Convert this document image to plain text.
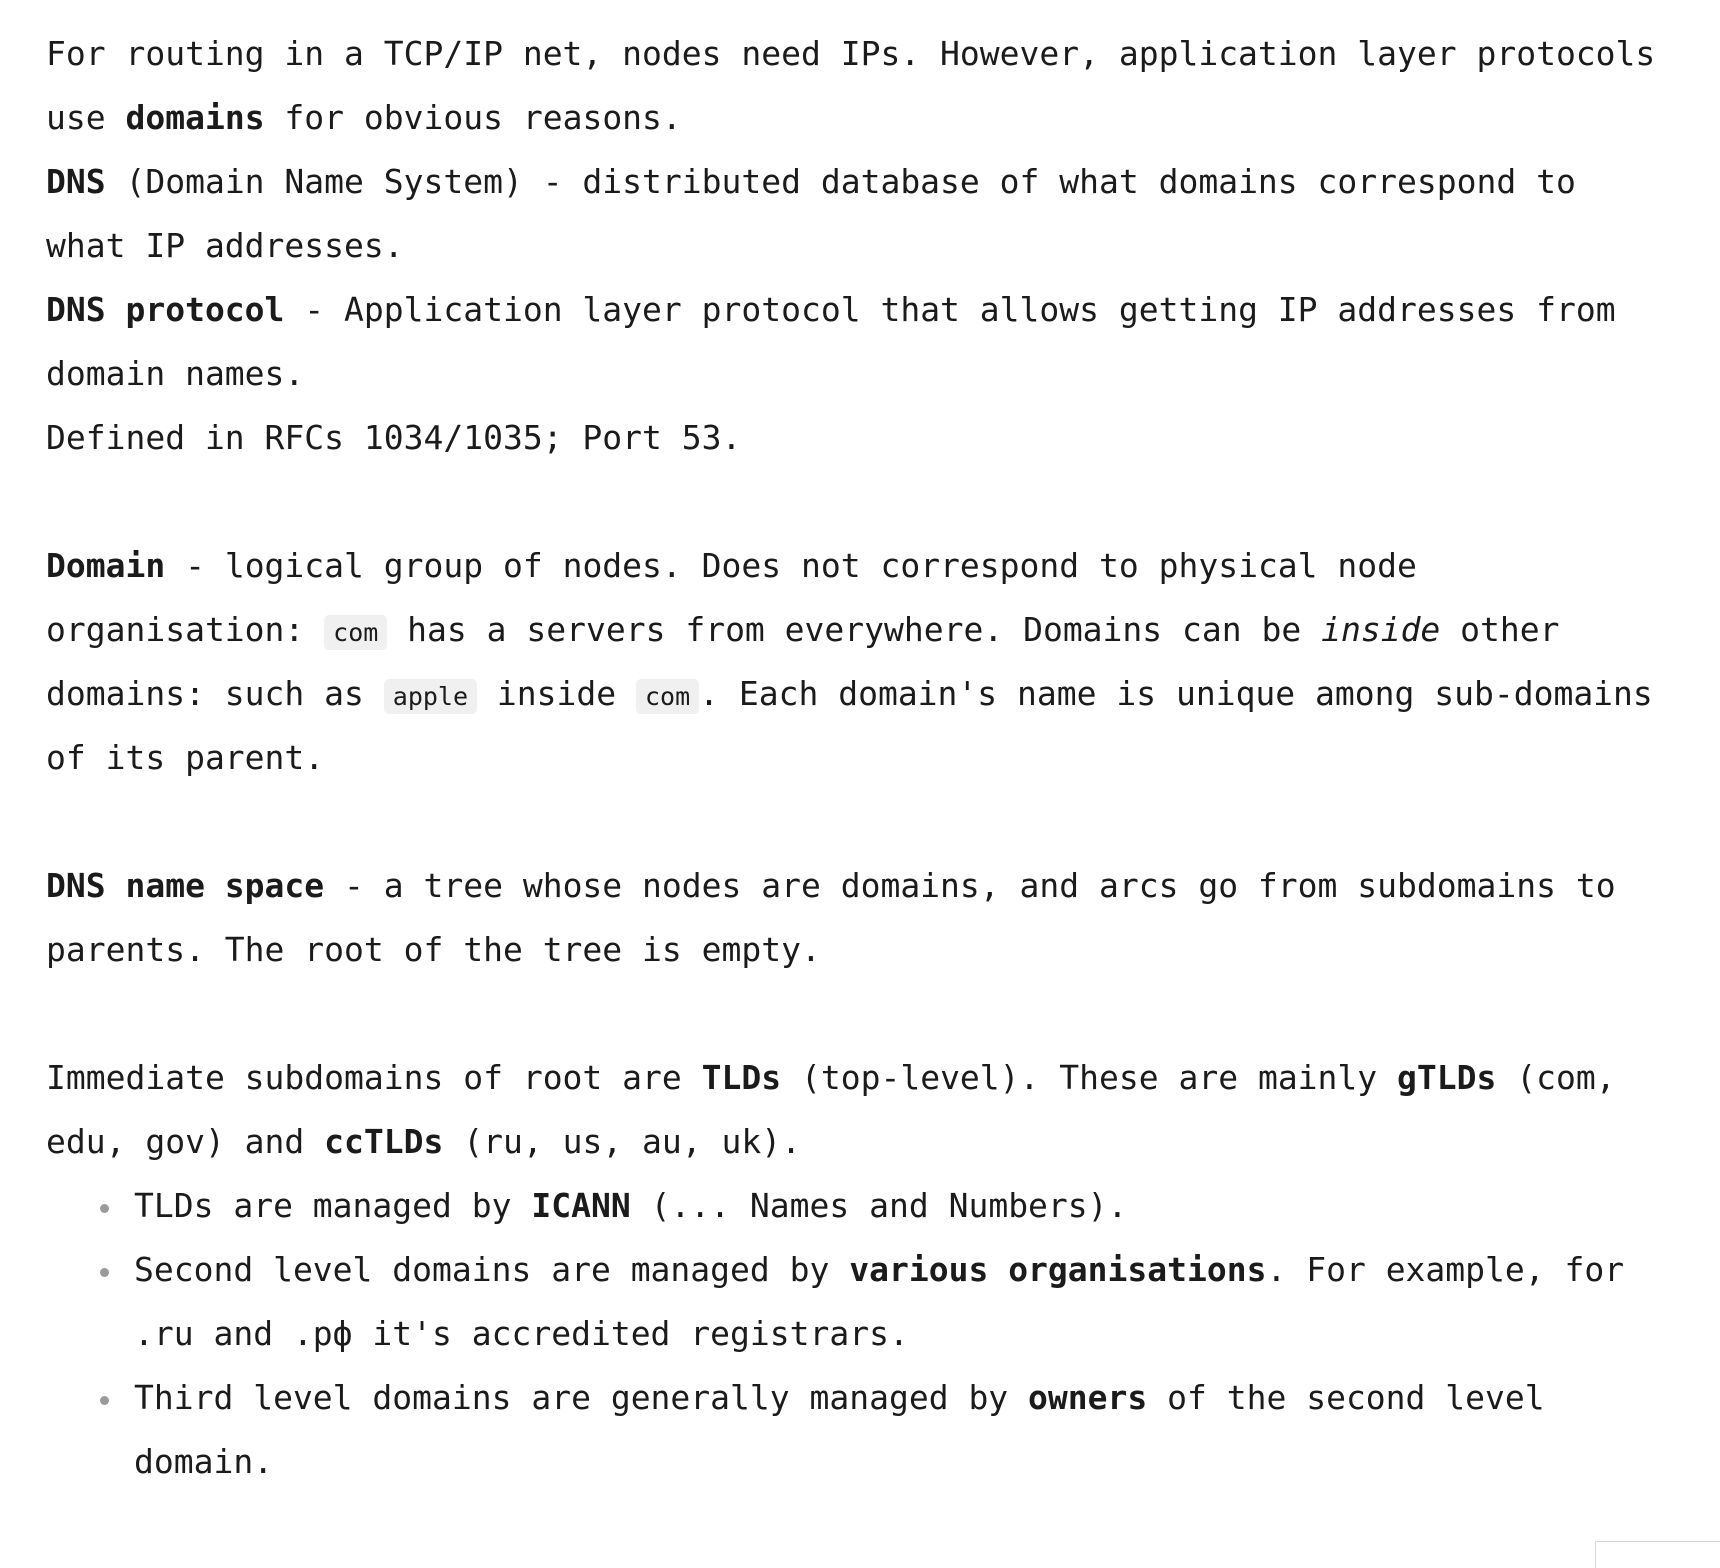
For routing in a TCP/IP net, nodes need IPs. However, application layer protocols use domains for obvious reasons.
DNS (Domain Name System) - distributed database of what domains correspond to what IP addresses.
DNS protocol - Application layer protocol that allows getting IP addresses from domain names.
Defined in RFCs 1034/1035; Port 53.

Domain - logical group of nodes. Does not correspond to physical node organisation: com has a servers from everywhere. Domains can be inside other domains: such as apple inside com . Each domain's name is unique among sub-domains of its parent.

DNS name space - a tree whose nodes are domains, and arcs go from subdomains to parents. The root of the tree is empty.

Immediate subdomains of root are TLDs (top-level). These are mainly gTLDs (com, edu, gov) and ccTLDs (ru, us, au, uk).

TLDs are managed by ICANN (... Names and Numbers).
Second level domains are managed by various organisations. For example, for .ru and .рф it's accredited registrars.
Third level domains are generally managed by owners of the second level domain.
